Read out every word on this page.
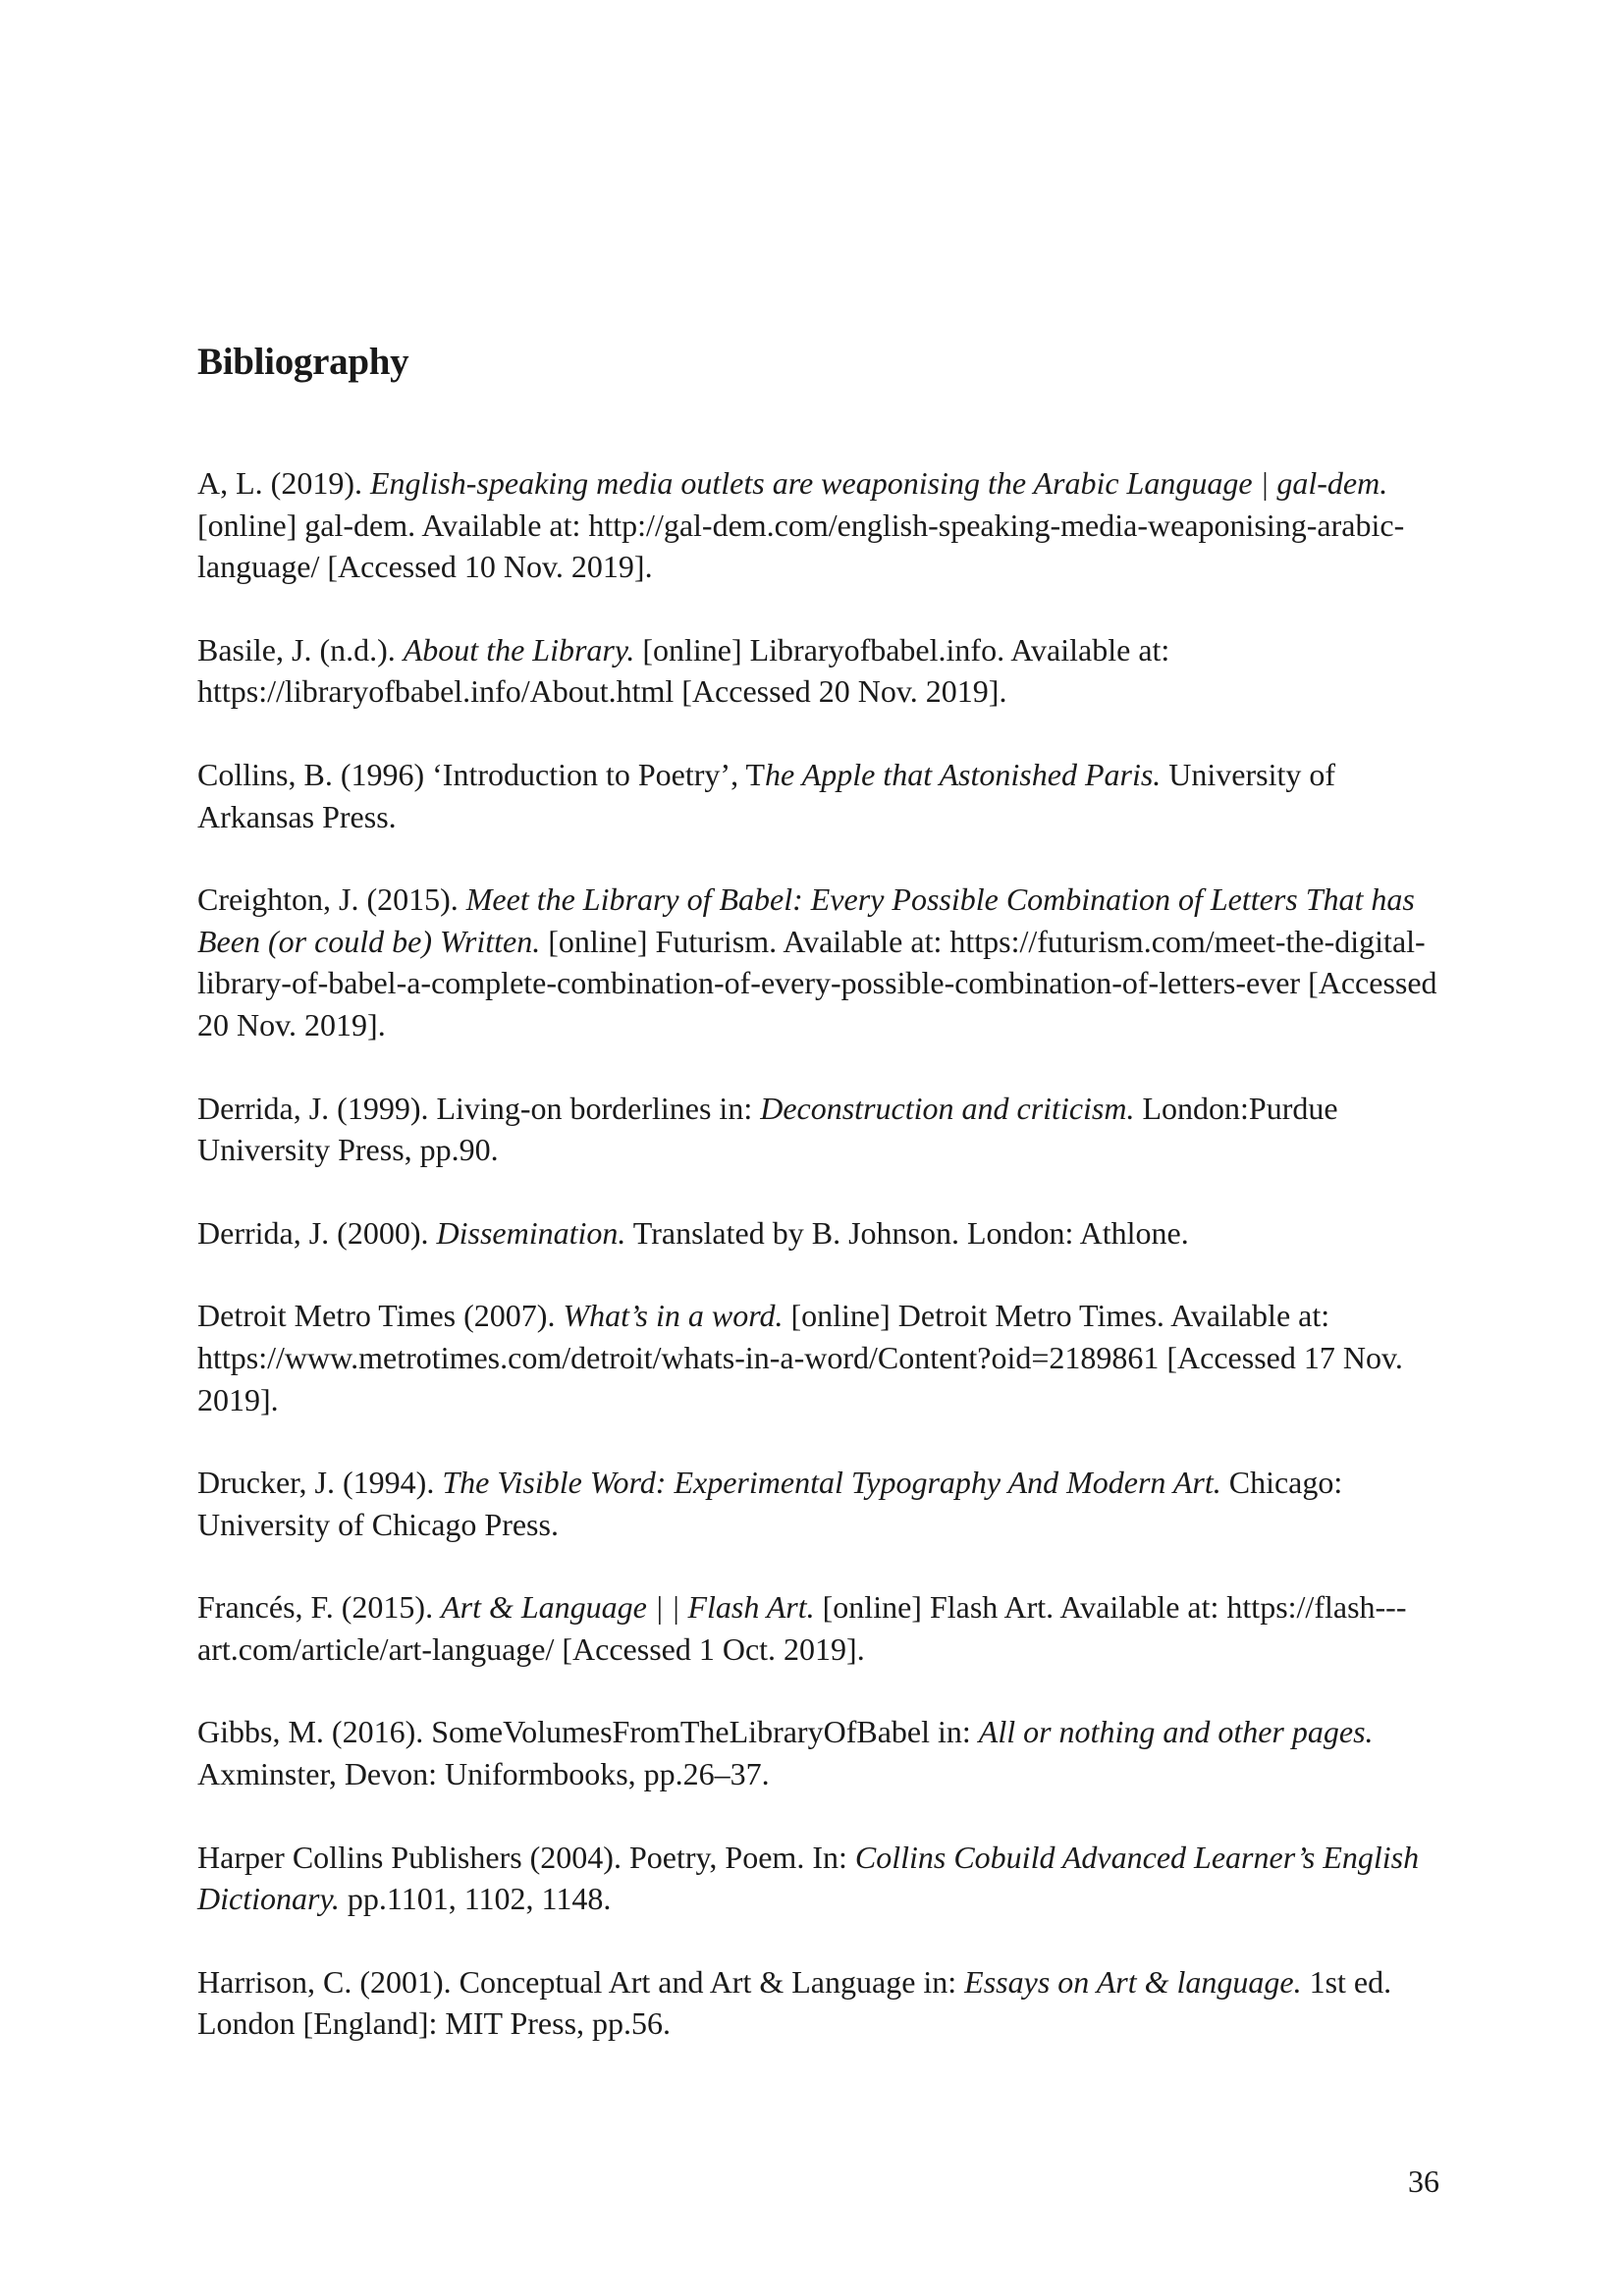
Bibliography

A, L. (2019). English-speaking media outlets are weaponising the Arabic Language | gal-dem. [online] gal-dem. Available at: http://gal-dem.com/english-speaking-media-weaponising-arabic-language/ [Accessed 10 Nov. 2019].

Basile, J. (n.d.). About the Library. [online] Libraryofbabel.info. Available at: https://libraryofbabel.info/About.html [Accessed 20 Nov. 2019].

Collins, B. (1996) ‘Introduction to Poetry’, The Apple that Astonished Paris. University of Arkansas Press.

Creighton, J. (2015). Meet the Library of Babel: Every Possible Combination of Letters That has Been (or could be) Written. [online] Futurism. Available at: https://futurism.com/meet-the-digital-library-of-babel-a-complete-combination-of-every-possible-combination-of-letters-ever [Accessed 20 Nov. 2019].

Derrida, J. (1999). Living-on borderlines in: Deconstruction and criticism. London:Purdue University Press, pp.90.

Derrida, J. (2000). Dissemination. Translated by B. Johnson. London: Athlone.

Detroit Metro Times (2007). What’s in a word. [online] Detroit Metro Times. Available at: https://www.metrotimes.com/detroit/whats-in-a-word/Content?oid=2189861 [Accessed 17 Nov. 2019].

Drucker, J. (1994). The Visible Word: Experimental Typography And Modern Art. Chicago: University of Chicago Press.

Francés, F. (2015). Art & Language | | Flash Art. [online] Flash Art. Available at: https://flash---art.com/article/art-language/ [Accessed 1 Oct. 2019].

Gibbs, M. (2016). SomeVolumesFromTheLibraryOfBabel in: All or nothing and other pages. Axminster, Devon: Uniformbooks, pp.26–37.

Harper Collins Publishers (2004). Poetry, Poem. In: Collins Cobuild Advanced Learner’s English Dictionary. pp.1101, 1102, 1148.

Harrison, C. (2001). Conceptual Art and Art & Language in: Essays on Art & language. 1st ed. London [England]: MIT Press, pp.56.

36
